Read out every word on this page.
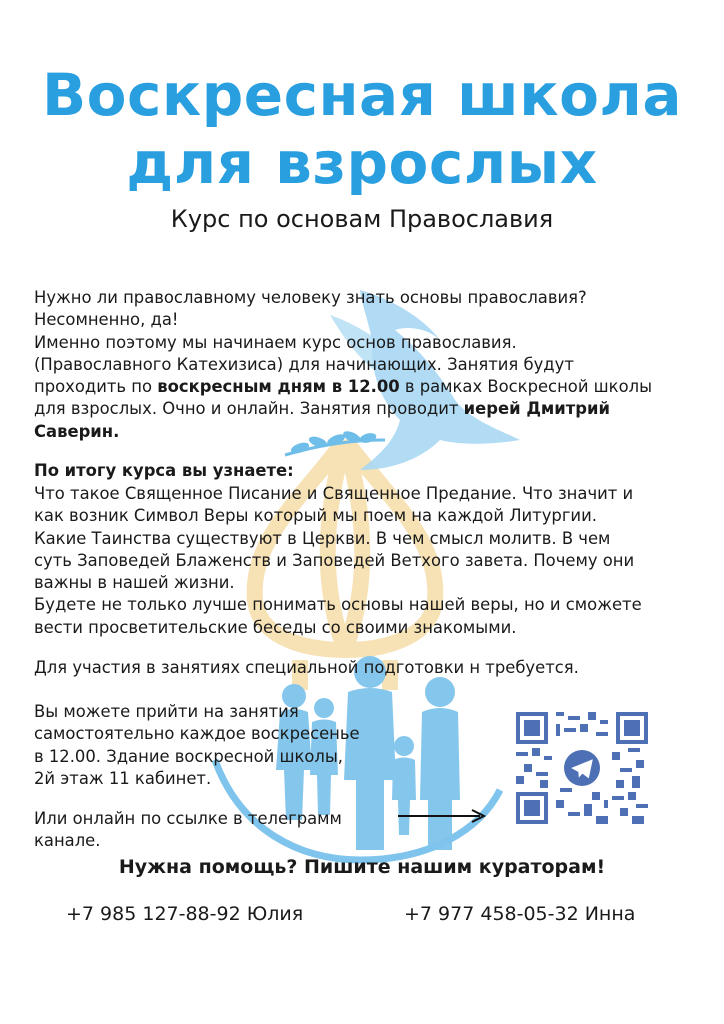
Воскресная школа
для взрослых
Курс по основам Православия
Нужно ли православному человеку знать основы православия?
Несомненно, да!
Именно поэтому мы начинаем курс основ православия.
(Православного Катехизиса) для начинающих. Занятия будут
проходить по воскресным дням в 12.00 в рамках Воскресной школы
для взрослых. Очно и онлайн. Занятия проводит иерей Дмитрий
Саверин.
По итогу курса вы узнаете:
Что такое Священное Писание и Священное Предание. Что значит и
как возник Символ Веры который мы поем на каждой Литургии.
Какие Таинства существуют в Церкви. В чем смысл молитв. В чем
суть Заповедей Блаженств и Заповедей Ветхого завета. Почему они
важны в нашей жизни.
Будете не только лучше понимать основы нашей веры, но и сможете
вести просветительские беседы со своими знакомыми.
Для участия в занятиях специальной подготовки н требуется.
Вы можете прийти на занятия
самостоятельно каждое воскресенье
в 12.00. Здание воскресной школы,
2й этаж 11 кабинет.
Или онлайн по ссылке в телеграмм
канале.
Нужна помощь? Пишите нашим кураторам!
+7 985 127-88-92 Юлия	+7 977 458-05-32 Инна
